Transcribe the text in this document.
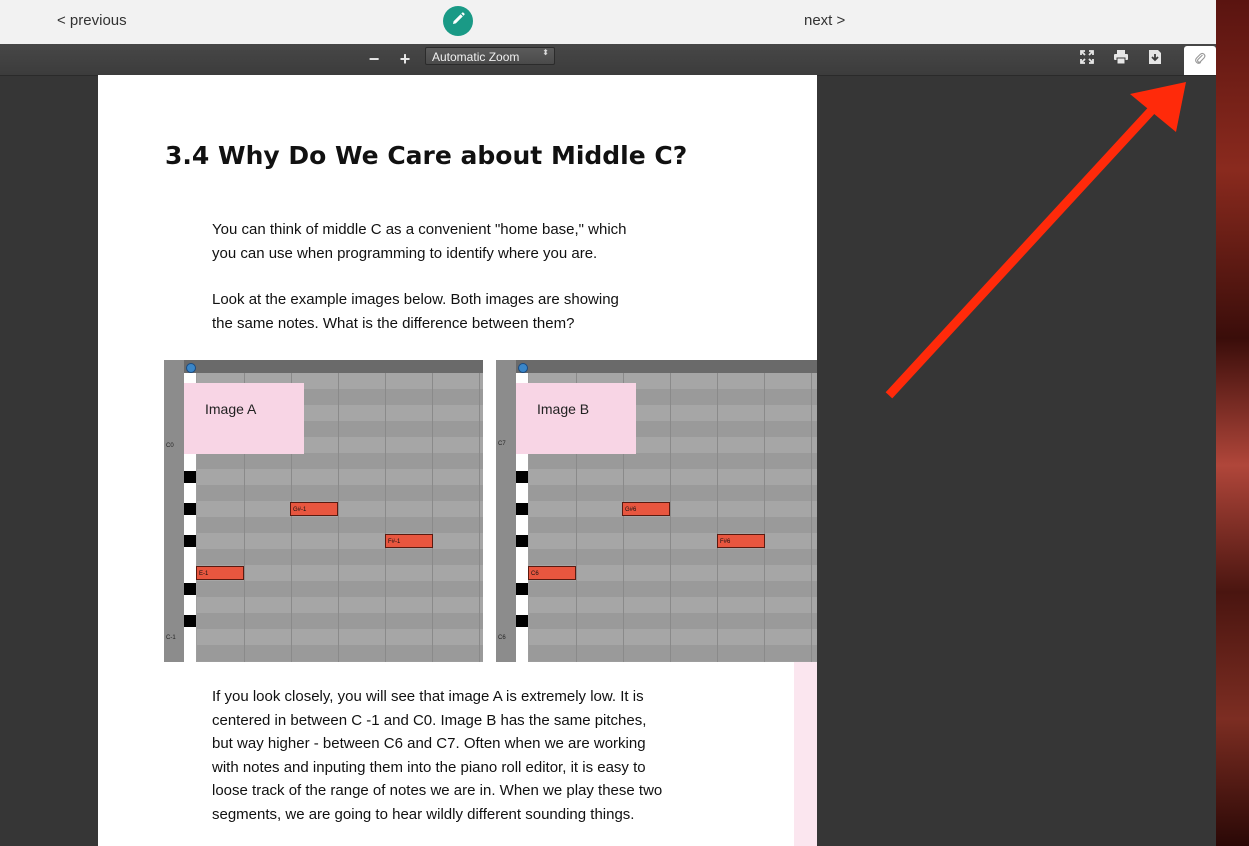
< previous	next >
−	+	Automatic Zoom	⬍
3.4 Why Do We Care about Middle C?
You can think of middle C as a convenient "home base," which
you can use when programming to identify where you are.
Look at the example images below. Both images are showing
the same notes. What is the difference between them?
C0
C-1
Image A
G#-1
F#-1
E-1
C7
C6
Image B
G#6
F#6
C6
If you look closely, you will see that image A is extremely low. It is
centered in between C -1 and C0. Image B has the same pitches,
but way higher - between C6 and C7. Often when we are working
with notes and inputing them into the piano roll editor, it is easy to
loose track of the range of notes we are in. When we play these two
segments, we are going to hear wildly different sounding things.
